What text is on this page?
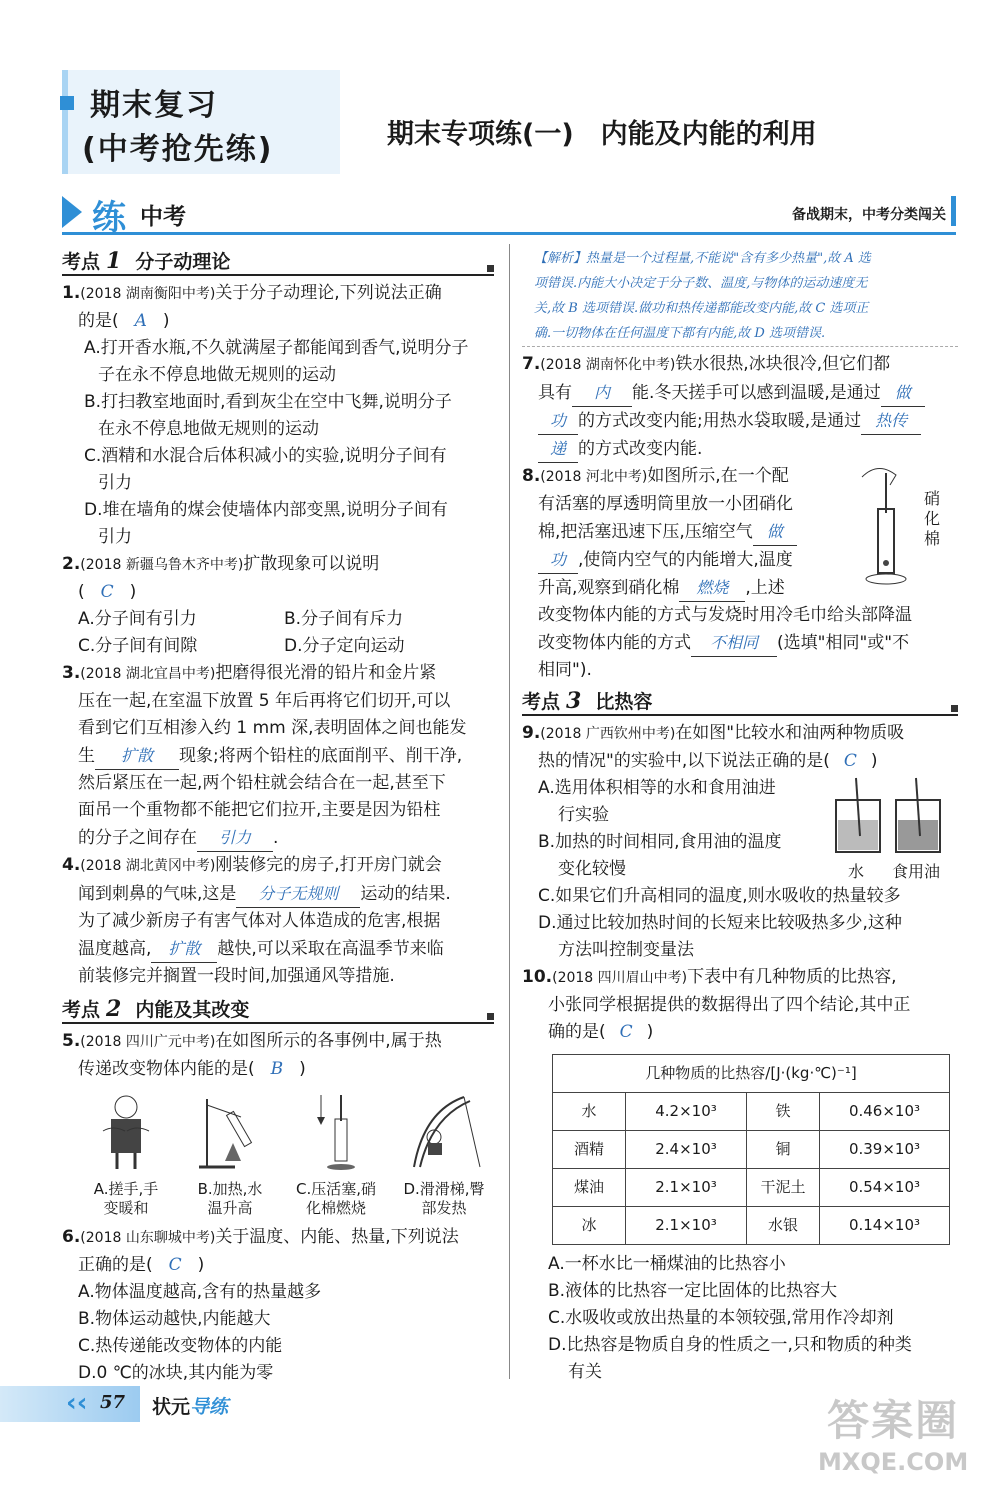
期末复习
(中考抢先练)	期末专项练(一)　内能及内能的利用
练 中考	备战期末，中考分类闯关
考点 1 分子动理论
1.(2018 湖南衡阳中考)关于分子动理论,下列说法正确
的是( A )
A.打开香水瓶,不久就满屋子都能闻到香气,说明分子
子在永不停息地做无规则的运动
B.打扫教室地面时,看到灰尘在空中飞舞,说明分子
在永不停息地做无规则的运动
C.酒精和水混合后体积减小的实验,说明分子间有
引力
D.堆在墙角的煤会使墙体内部变黑,说明分子间有
引力
2.(2018 新疆乌鲁木齐中考)扩散现象可以说明
( C )
A.分子间有引力	B.分子间有斥力
C.分子间有间隙	D.分子定向运动
3.(2018 湖北宜昌中考)把磨得很光滑的铅片和金片紧
压在一起,在室温下放置 5 年后再将它们切开,可以
看到它们互相渗入约 1 mm 深,表明固体之间也能发
生 扩散 现象;将两个铅柱的底面削平、削干净,
然后紧压在一起,两个铅柱就会结合在一起,甚至下
面吊一个重物都不能把它们拉开,主要是因为铅柱
的分子之间存在 引力 .
4.(2018 湖北黄冈中考)刚装修完的房子,打开房门就会
闻到刺鼻的气味,这是 分子无规则 运动的结果.
为了减少新房子有害气体对人体造成的危害,根据
温度越高, 扩散 越快,可以采取在高温季节来临
前装修完并搁置一段时间,加强通风等措施.
考点 2 内能及其改变
5.(2018 四川广元中考)在如图所示的各事例中,属于热
传递改变物体内能的是( B )
A.搓手,手
变暖和
B.加热,水
温升高
C.压活塞,硝
化棉燃烧
D.滑滑梯,臀
部发热
6.(2018 山东聊城中考)关于温度、内能、热量,下列说法
正确的是( C )
A.物体温度越高,含有的热量越多
B.物体运动越快,内能越大
C.热传递能改变物体的内能
D.0 ℃的冰块,其内能为零
【解析】热量是一个过程量,不能说"含有多少热量",故 A 选
项错误.内能大小决定于分子数、温度,与物体的运动速度无
关,故 B 选项错误.做功和热传递都能改变内能,故 C 选项正
确.一切物体在任何温度下都有内能,故 D 选项错误.
7.(2018 湖南怀化中考)铁水很热,冰块很冷,但它们都
具有 内 能.冬天搓手可以感到温暖,是通过 做
功 的方式改变内能;用热水袋取暖,是通过 热传
递 的方式改变内能.
8.(2018 河北中考)如图所示,在一个配
有活塞的厚透明筒里放一小团硝化
棉,把活塞迅速下压,压缩空气 做
功 ,使筒内空气的内能增大,温度
升高,观察到硝化棉 燃烧 ,上述
改变物体内能的方式与发烧时用冷毛巾给头部降温
改变物体内能的方式 不相同 (选填"相同"或"不
相同").
硝化棉
考点 3 比热容
9.(2018 广西钦州中考)在如图"比较水和油两种物质吸
热的情况"的实验中,以下说法正确的是( C )
A.选用体积相等的水和食用油进
行实验
B.加热的时间相同,食用油的温度
变化较慢
C.如果它们升高相同的温度,则水吸收的热量较多
D.通过比较加热时间的长短来比较吸热多少,这种
方法叫控制变量法
水 食用油
10.(2018 四川眉山中考)下表中有几种物质的比热容,
小张同学根据提供的数据得出了四个结论,其中正
确的是( C )
几种物质的比热容/[J·(kg·℃)⁻¹]			
水	4.2×10³	铁	0.46×10³
酒精	2.4×10³	铜	0.39×10³
煤油	2.1×10³	干泥土	0.54×10³
冰	2.1×10³	水银	0.14×10³
A.一杯水比一桶煤油的比热容小
B.液体的比热容一定比固体的比热容大
C.水吸收或放出热量的本领较强,常用作冷却剂
D.比热容是物质自身的性质之一,只和物质的种类
有关
‹‹ 57 状元导练	答案圈
MXQE.COM
